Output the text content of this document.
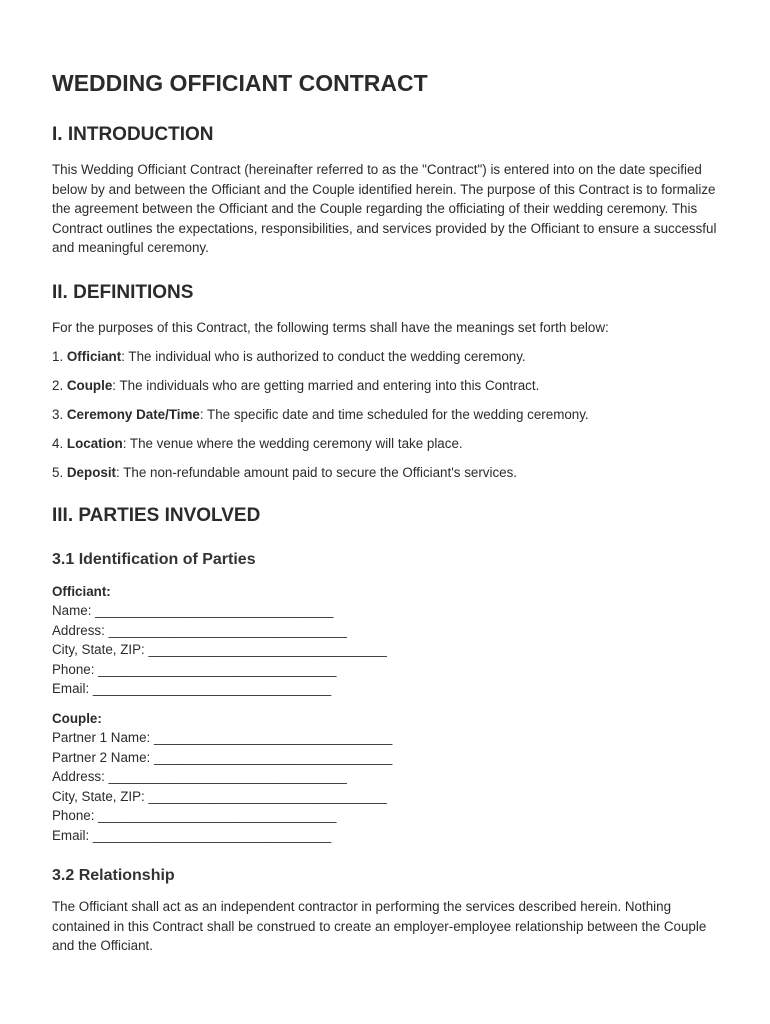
WEDDING OFFICIANT CONTRACT
I. INTRODUCTION

This Wedding Officiant Contract (hereinafter referred to as the "Contract") is entered into on the date specified below by and between the Officiant and the Couple identified herein. The purpose of this Contract is to formalize the agreement between the Officiant and the Couple regarding the officiating of their wedding ceremony. This Contract outlines the expectations, responsibilities, and services provided by the Officiant to ensure a successful and meaningful ceremony.

II. DEFINITIONS

For the purposes of this Contract, the following terms shall have the meanings set forth below:

1. Officiant: The individual who is authorized to conduct the wedding ceremony.

2. Couple: The individuals who are getting married and entering into this Contract.

3. Ceremony Date/Time: The specific date and time scheduled for the wedding ceremony.

4. Location: The venue where the wedding ceremony will take place.

5. Deposit: The non-refundable amount paid to secure the Officiant's services.

III. PARTIES INVOLVED
3.1 Identification of Parties
Officiant:
Name: ________________________________
Address: ________________________________
City, State, ZIP: ________________________________
Phone: ________________________________
Email: ________________________________
Couple:
Partner 1 Name: ________________________________
Partner 2 Name: ________________________________
Address: ________________________________
City, State, ZIP: ________________________________
Phone: ________________________________
Email: ________________________________
3.2 Relationship

The Officiant shall act as an independent contractor in performing the services described herein. Nothing contained in this Contract shall be construed to create an employer-employee relationship between the Couple and the Officiant.
